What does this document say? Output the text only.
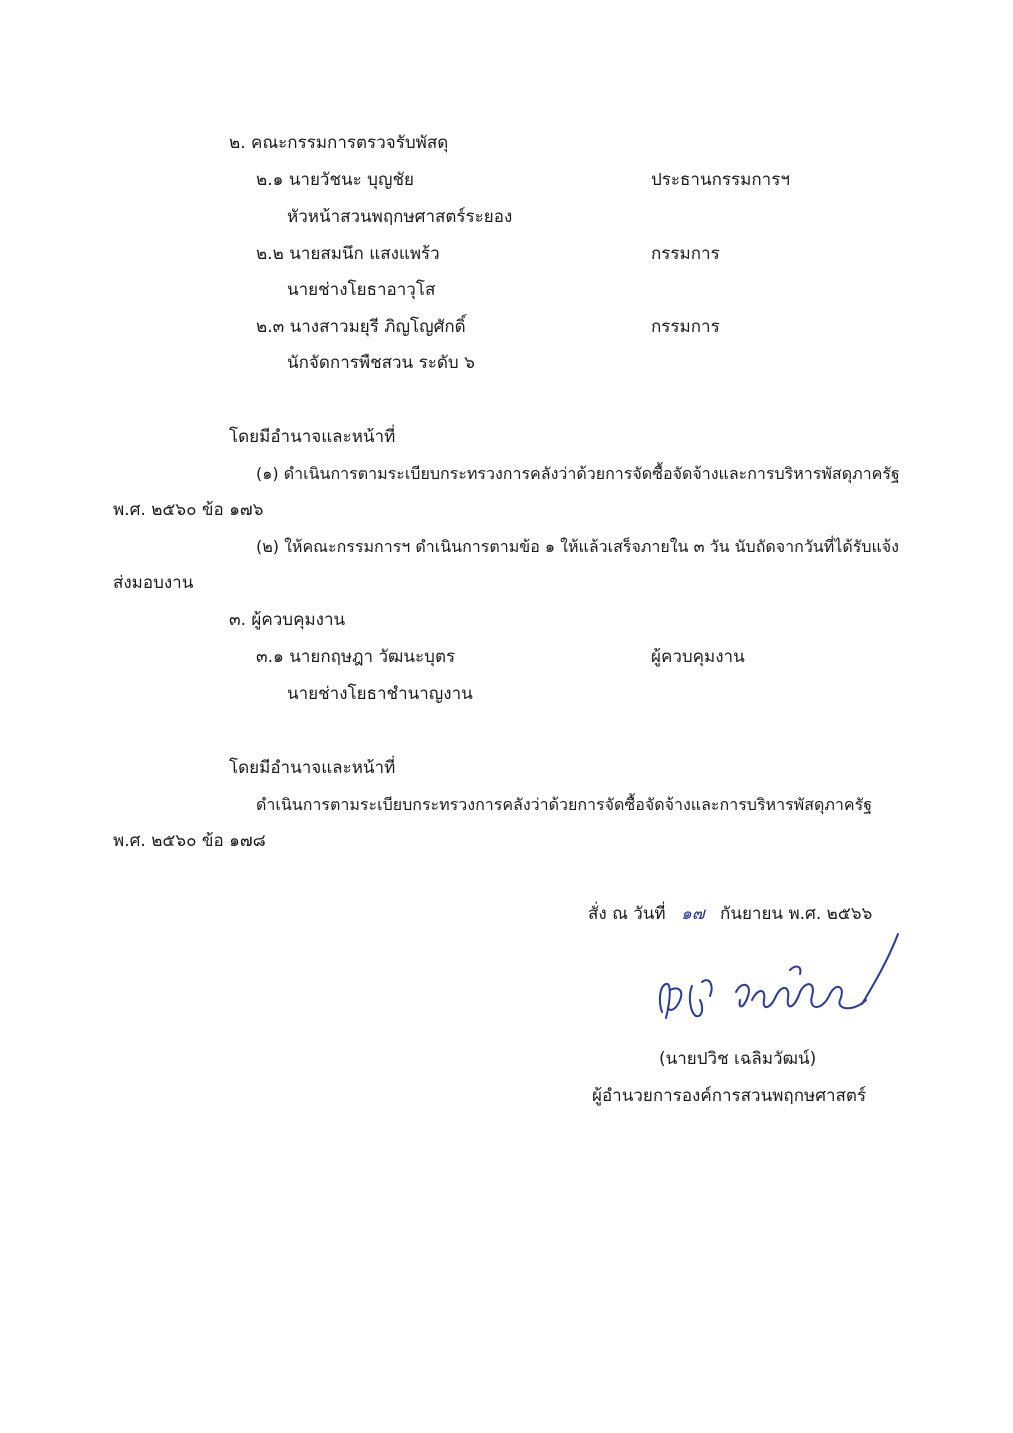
๒. คณะกรรมการตรวจรับพัสดุ
๒.๑ นายวัชนะ บุญชัย	ประธานกรรมการฯ
หัวหน้าสวนพฤกษศาสตร์ระยอง
๒.๒ นายสมนึก แสงแพร้ว	กรรมการ
นายช่างโยธาอาวุโส
๒.๓ นางสาวมยุรี ภิญโญศักดิ์	กรรมการ
นักจัดการพืชสวน ระดับ ๖
โดยมีอำนาจและหน้าที่
(๑) ดำเนินการตามระเบียบกระทรวงการคลังว่าด้วยการจัดซื้อจัดจ้างและการบริหารพัสดุภาครัฐ
พ.ศ. ๒๕๖๐ ข้อ ๑๗๖
(๒) ให้คณะกรรมการฯ ดำเนินการตามข้อ ๑ ให้แล้วเสร็จภายใน ๓ วัน นับถัดจากวันที่ได้รับแจ้ง
ส่งมอบงาน
๓. ผู้ควบคุมงาน
๓.๑ นายกฤษฎา วัฒนะบุตร	ผู้ควบคุมงาน
นายช่างโยธาชำนาญงาน
โดยมีอำนาจและหน้าที่
ดำเนินการตามระเบียบกระทรวงการคลังว่าด้วยการจัดซื้อจัดจ้างและการบริหารพัสดุภาครัฐ
พ.ศ. ๒๕๖๐ ข้อ ๑๗๘
สั่ง ณ วันที่ ๑๗ กันยายน พ.ศ. ๒๕๖๖
(นายปวิช เฉลิมวัฒน์)
ผู้อำนวยการองค์การสวนพฤกษศาสตร์
